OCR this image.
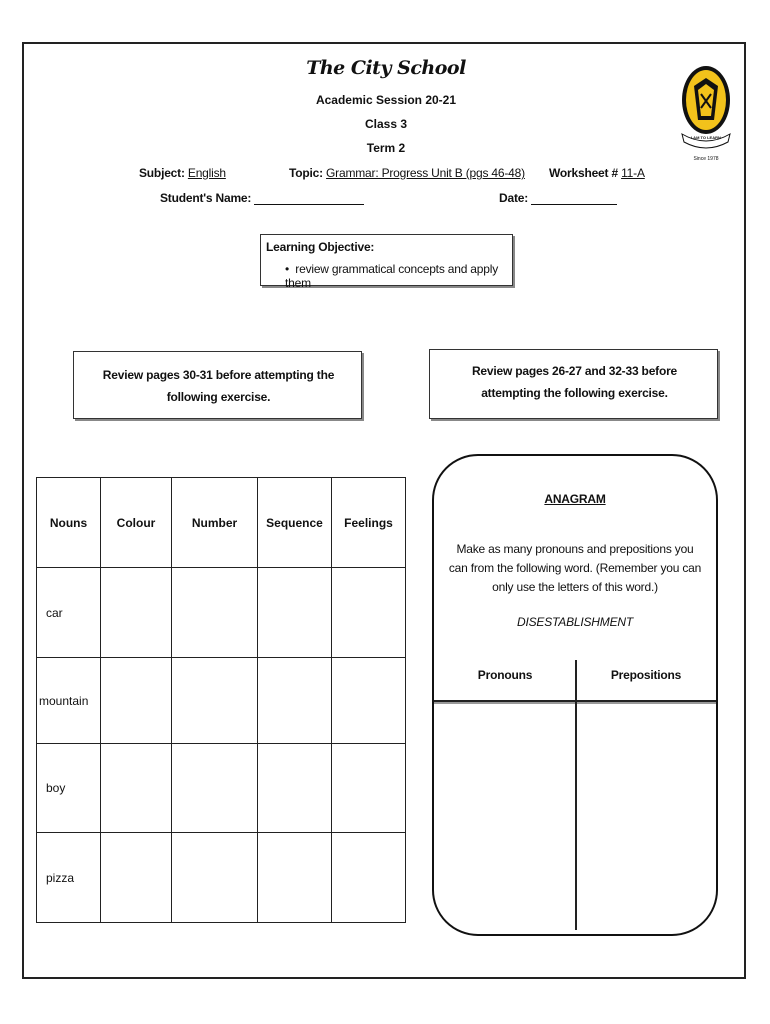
The City School
Academic Session 20-21
Class 3
Term 2
Subject: English	Topic: Grammar: Progress Unit B (pgs 46-48) Worksheet # 11-A
Student's Name:	Date:
I AM TO LEARN
Since 1978
Learning Objective:
• review grammatical concepts and apply them
Review pages 30-31 before attempting the following exercise.
Review pages 26-27 and 32-33 before attempting the following exercise.
Nouns	Colour	Number	Sequence	Feelings
car				
mountain				
boy				
pizza				
ANAGRAM
Make as many pronouns and prepositions you can from the following word. (Remember you can only use the letters of this word.)
DISESTABLISHMENT
Pronouns	Prepositions
